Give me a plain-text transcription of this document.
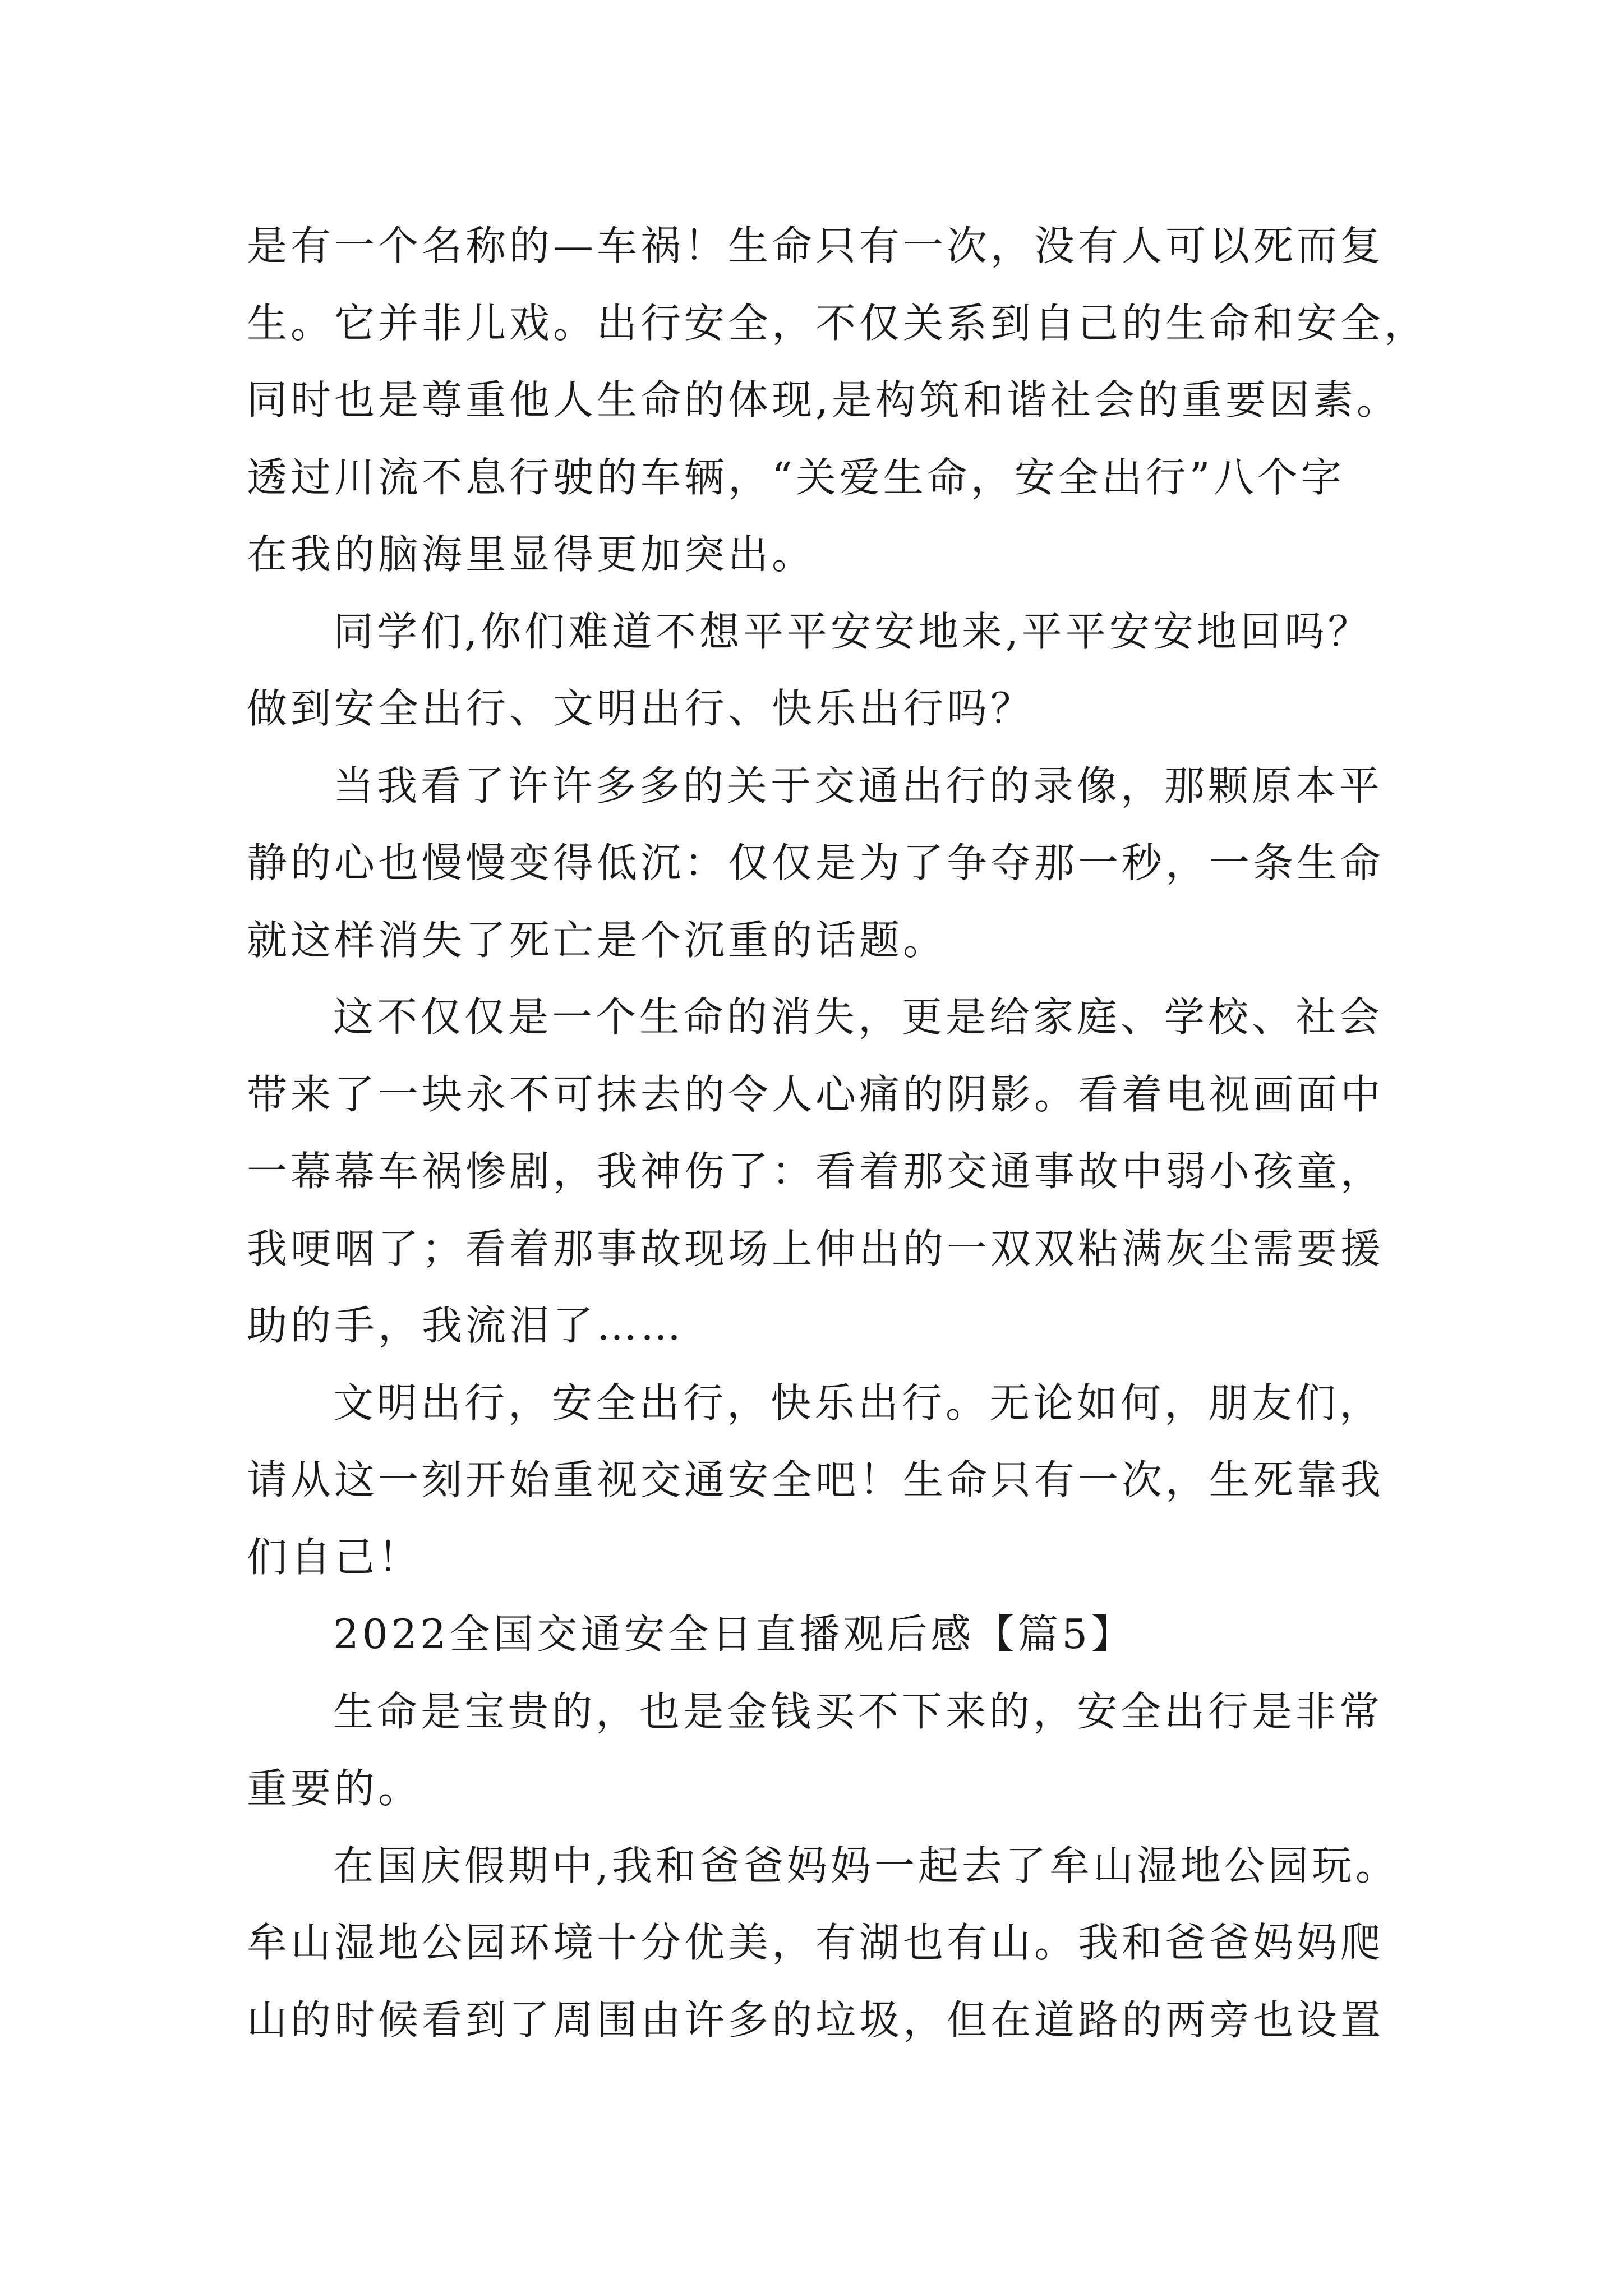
是有一个名称的—车祸！生命只有一次，没有人可以死而复
生。它并非儿戏。出行安全，不仅关系到自己的生命和安全，
同时也是尊重他人生命的体现,是构筑和谐社会的重要因素。
透过川流不息行驶的车辆，“关爱生命，安全出行”八个字
在我的脑海里显得更加突出。
同学们,你们难道不想平平安安地来,平平安安地回吗？
做到安全出行、文明出行、快乐出行吗？
当我看了许许多多的关于交通出行的录像，那颗原本平
静的心也慢慢变得低沉：仅仅是为了争夺那一秒，一条生命
就这样消失了死亡是个沉重的话题。
这不仅仅是一个生命的消失，更是给家庭、学校、社会
带来了一块永不可抹去的令人心痛的阴影。看着电视画面中
一幕幕车祸惨剧，我神伤了：看着那交通事故中弱小孩童，
我哽咽了；看着那事故现场上伸出的一双双粘满灰尘需要援
助的手，我流泪了……
文明出行，安全出行，快乐出行。无论如何，朋友们，
请从这一刻开始重视交通安全吧！生命只有一次，生死靠我
们自己！
2022全国交通安全日直播观后感【篇5】
生命是宝贵的，也是金钱买不下来的，安全出行是非常
重要的。
在国庆假期中,我和爸爸妈妈一起去了牟山湿地公园玩。
牟山湿地公园环境十分优美，有湖也有山。我和爸爸妈妈爬
山的时候看到了周围由许多的垃圾，但在道路的两旁也设置
